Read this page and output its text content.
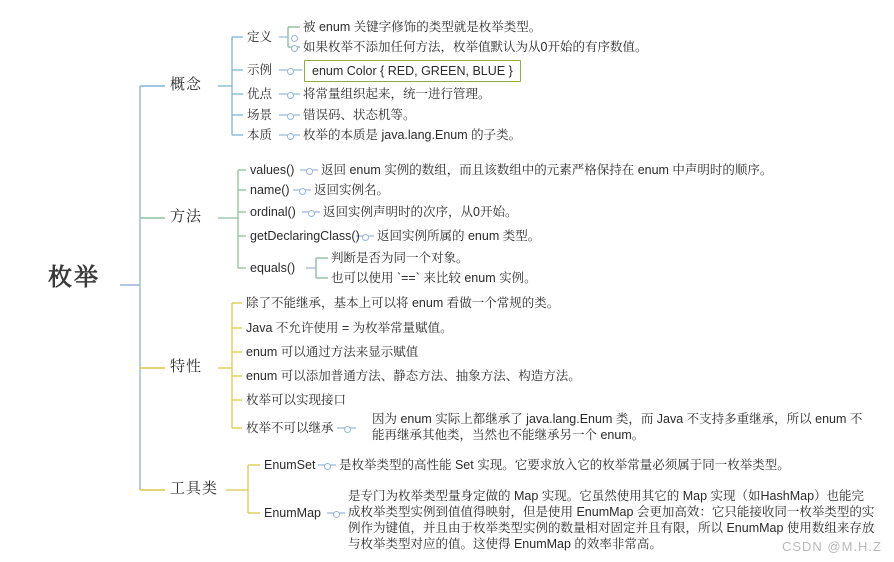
枚举
概念
定义
被 enum 关键字修饰的类型就是枚举类型。
如果枚举不添加任何方法，枚举值默认为从0开始的有序数值。
示例	enum Color { RED, GREEN, BLUE }
优点 将常量组织起来，统一进行管理。
场景 错误码、状态机等。
本质 枚举的本质是 java.lang.Enum 的子类。
方法
values() 返回 enum 实例的数组，而且该数组中的元素严格保持在 enum 中声明时的顺序。
name() 返回实例名。
ordinal() 返回实例声明时的次序，从0开始。
getDeclaringClass() 返回实例所属的 enum 类型。
equals()
判断是否为同一个对象。
也可以使用 `==` 来比较 enum 实例。
特性
除了不能继承，基本上可以将 enum 看做一个常规的类。
Java 不允许使用 = 为枚举常量赋值。
enum 可以通过方法来显示赋值
enum 可以添加普通方法、静态方法、抽象方法、构造方法。
枚举可以实现接口
枚举不可以继承
因为 enum 实际上都继承了 java.lang.Enum 类，而 Java 不支持多重继承，所以 enum 不能再继承其他类，当然也不能继承另一个 enum。
工具类
EnumSet 是枚举类型的高性能 Set 实现。它要求放入它的枚举常量必须属于同一枚举类型。
EnumMap
是专门为枚举类型量身定做的 Map 实现。它虽然使用其它的 Map 实现（如HashMap）也能完成枚举类型实例到值值得映射，但是使用 EnumMap 会更加高效：它只能接收同一枚举类型的实例作为键值，并且由于枚举类型实例的数量相对固定并且有限，所以 EnumMap 使用数组来存放与枚举类型对应的值。这使得 EnumMap 的效率非常高。	CSDN @M.H.Z
